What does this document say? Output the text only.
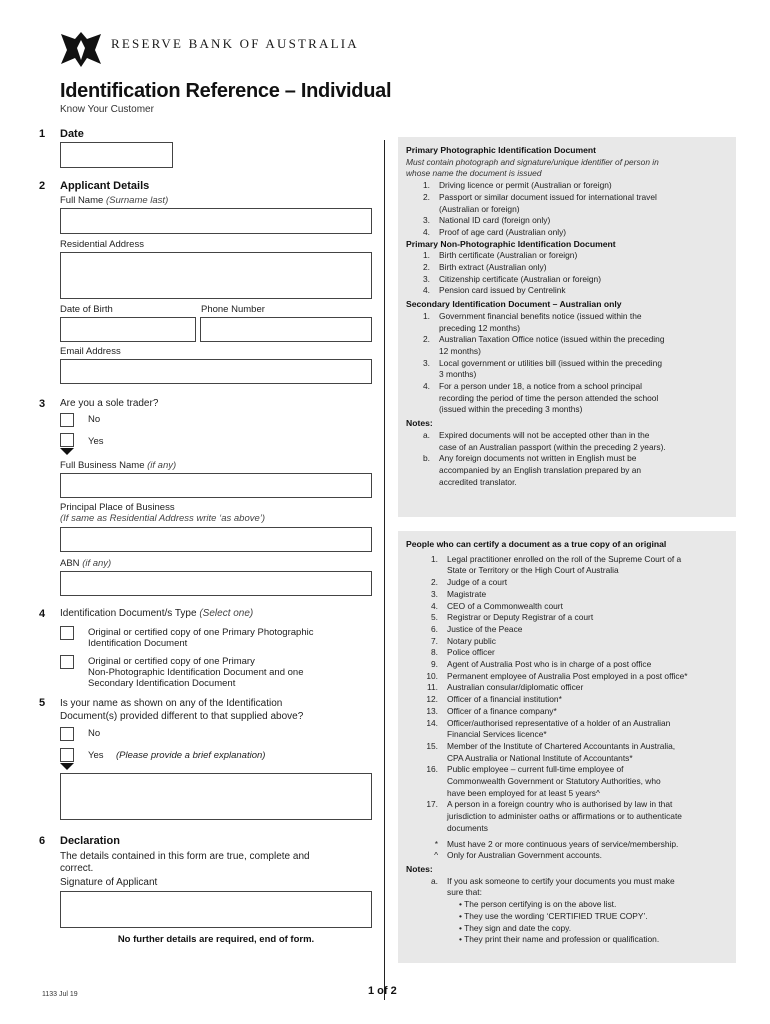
RESERVE BANK OF AUSTRALIA
Identification Reference – Individual
Know Your Customer
1 Date
2 Applicant Details
Full Name (Surname last)
Residential Address
Date of Birth	Phone Number
Email Address
3 Are you a sole trader?
No
Yes
Full Business Name (if any)
Principal Place of Business
(If same as Residential Address write ‘as above’)
ABN (if any)
4 Identification Document/s Type (Select one)
Original or certified copy of one Primary Photographic
Identification Document
Original or certified copy of one Primary
Non-Photographic Identification Document and one
Secondary Identification Document
5 Is your name as shown on any of the Identification
Document(s) provided different to that supplied above?
No
Yes (Please provide a brief explanation)
6 Declaration
The details contained in this form are true, complete and
correct.
Signature of Applicant
No further details are required, end of form.
Primary Photographic Identification Document
Must contain photograph and signature/unique identifier of person in
whose name the document is issued
1.	Driving licence or permit (Australian or foreign)
2.	Passport or similar document issued for international travel
(Australian or foreign)
3.	National ID card (foreign only)
4.	Proof of age card (Australian only)
Primary Non-Photographic Identification Document
1.	Birth certificate (Australian or foreign)
2.	Birth extract (Australian only)
3.	Citizenship certificate (Australian or foreign)
4.	Pension card issued by Centrelink
Secondary Identification Document – Australian only
1.	Government financial benefits notice (issued within the
preceding 12 months)
2.	Australian Taxation Office notice (issued within the preceding
12 months)
3.	Local government or utilities bill (issued within the preceding
3 months)
4.	For a person under 18, a notice from a school principal
recording the period of time the person attended the school
(issued within the preceding 3 months)
Notes:
a.	Expired documents will not be accepted other than in the
case of an Australian passport (within the preceding 2 years).
b.	Any foreign documents not written in English must be
accompanied by an English translation prepared by an
accredited translator.
People who can certify a document as a true copy of an original
1.	Legal practitioner enrolled on the roll of the Supreme Court of a
State or Territory or the High Court of Australia
2.	Judge of a court
3.	Magistrate
4.	CEO of a Commonwealth court
5.	Registrar or Deputy Registrar of a court
6.	Justice of the Peace
7.	Notary public
8.	Police officer
9.	Agent of Australia Post who is in charge of a post office
10.	Permanent employee of Australia Post employed in a post office*
11.	Australian consular/diplomatic officer
12.	Officer of a financial institution*
13.	Officer of a finance company*
14.	Officer/authorised representative of a holder of an Australian
Financial Services licence*
15.	Member of the Institute of Chartered Accountants in Australia,
CPA Australia or National Institute of Accountants*
16.	Public employee – current full-time employee of
Commonwealth Government or Statutory Authorities, who
have been employed for at least 5 years^
17.	A person in a foreign country who is authorised by law in that
jurisdiction to administer oaths or affirmations or to authenticate
documents
*	Must have 2 or more continuous years of service/membership.
^	Only for Australian Government accounts.
Notes:
a.	If you ask someone to certify your documents you must make
sure that:
• The person certifying is on the above list.
• They use the wording ‘CERTIFIED TRUE COPY’.
• They sign and date the copy.
• They print their name and profession or qualification.
1133 Jul 19	1 of 2
